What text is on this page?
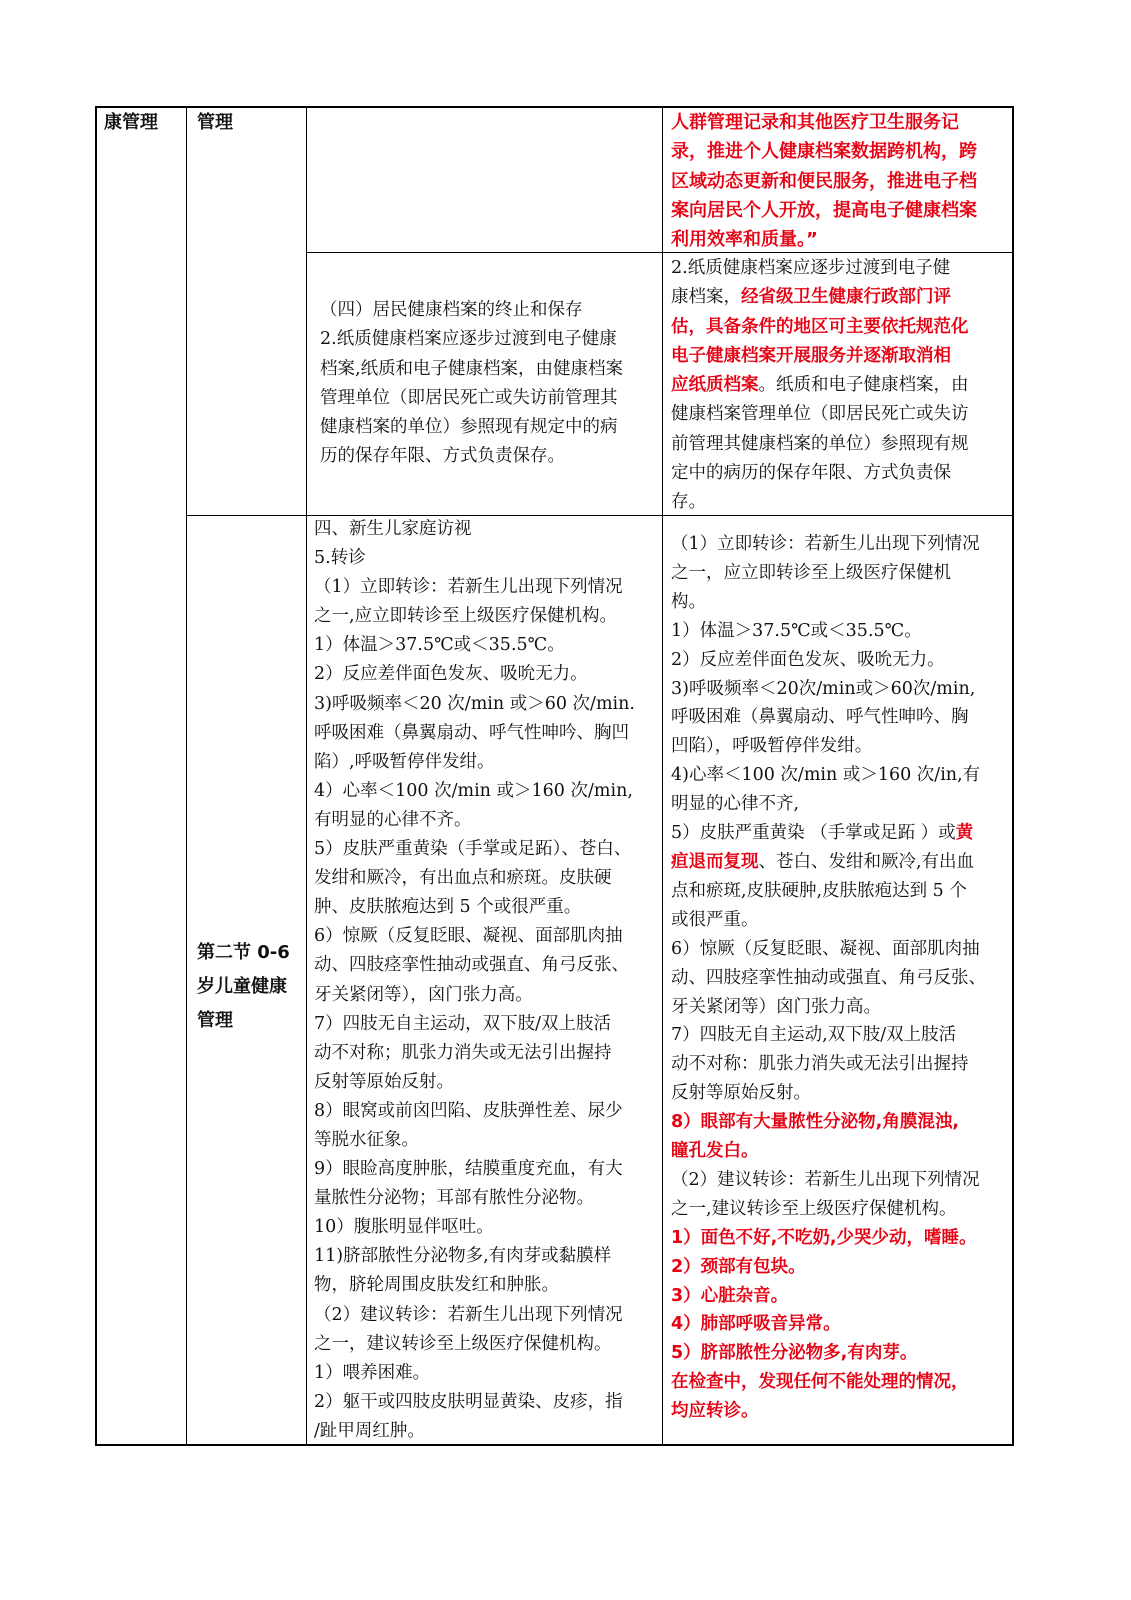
康管理 管理
第二节 0-6
岁儿童健康
管理

人群管理记录和其他医疗卫生服务记

录，推进个人健康档案数据跨机构，跨

区域动态更新和便民服务，推进电子档

案向居民个人开放，提高电子健康档案

利用效率和质量。”

（四）居民健康档案的终止和保存

2.纸质健康档案应逐步过渡到电子健康

档案,纸质和电子健康档案，由健康档案

管理单位（即居民死亡或失访前管理其

健康档案的单位）参照现有规定中的病

历的保存年限、方式负责保存。

2.纸质健康档案应逐步过渡到电子健

康档案，经省级卫生健康行政部门评

估，具备条件的地区可主要依托规范化

电子健康档案开展服务并逐渐取消相

应纸质档案。纸质和电子健康档案，由

健康档案管理单位（即居民死亡或失访

前管理其健康档案的单位）参照现有规

定中的病历的保存年限、方式负责保

存。

四、新生儿家庭访视

5.转诊

（1）立即转诊：若新生儿出现下列情况

之一,应立即转诊至上级医疗保健机构。

1）体温＞37.5℃或＜35.5℃。

2）反应差伴面色发灰、吸吮无力。

3)呼吸频率＜20 次/min 或＞60 次/min.

呼吸困难（鼻翼扇动、呼气性呻吟、胸凹

陷）,呼吸暂停伴发绀。

4）心率＜100 次/min 或＞160 次/min,

有明显的心律不齐。

5）皮肤严重黄染（手掌或足跖）、苍白、

发绀和厥冷，有出血点和瘀斑。皮肤硬

肿、皮肤脓疱达到 5 个或很严重。

6）惊厥（反复眨眼、凝视、面部肌肉抽

动、四肢痉挛性抽动或强直、角弓反张、

牙关紧闭等），囟门张力高。

7）四肢无自主运动，双下肢/双上肢活

动不对称；肌张力消失或无法引出握持

反射等原始反射。

8）眼窝或前囟凹陷、皮肤弹性差、尿少

等脱水征象。

9）眼睑高度肿胀，结膜重度充血，有大

量脓性分泌物；耳部有脓性分泌物。

10）腹胀明显伴呕吐。

11)脐部脓性分泌物多,有肉芽或黏膜样

物，脐轮周围皮肤发红和肿胀。

（2）建议转诊：若新生儿出现下列情况

之一，建议转诊至上级医疗保健机构。

1）喂养困难。

2）躯干或四肢皮肤明显黄染、皮疹，指

/趾甲周红肿。

（1）立即转诊：若新生儿出现下列情况

之一，应立即转诊至上级医疗保健机

构。

1）体温＞37.5℃或＜35.5℃。

2）反应差伴面色发灰、吸吮无力。

3)呼吸频率＜20次/min或＞60次/min,

呼吸困难（鼻翼扇动、呼气性呻吟、胸

凹陷），呼吸暂停伴发绀。

4)心率＜100 次/min 或＞160 次/in,有

明显的心律不齐,

5）皮肤严重黄染 （手掌或足跖 ）或黄

疸退而复现、苍白、发绀和厥冷,有出血

点和瘀斑,皮肤硬肿,皮肤脓疱达到 5 个

或很严重。

6）惊厥（反复眨眼、凝视、面部肌肉抽

动、四肢痉挛性抽动或强直、角弓反张、

牙关紧闭等）囟门张力高。

7）四肢无自主运动,双下肢/双上肢活

动不对称：肌张力消失或无法引出握持

反射等原始反射。

8）眼部有大量脓性分泌物,角膜混浊,

瞳孔发白。

（2）建议转诊：若新生儿出现下列情况

之一,建议转诊至上级医疗保健机构。

1）面色不好,不吃奶,少哭少动，嗜睡。

2）颈部有包块。

3）心脏杂音。

4）肺部呼吸音异常。

5）脐部脓性分泌物多,有肉芽。

在检查中，发现任何不能处理的情况，

均应转诊。
